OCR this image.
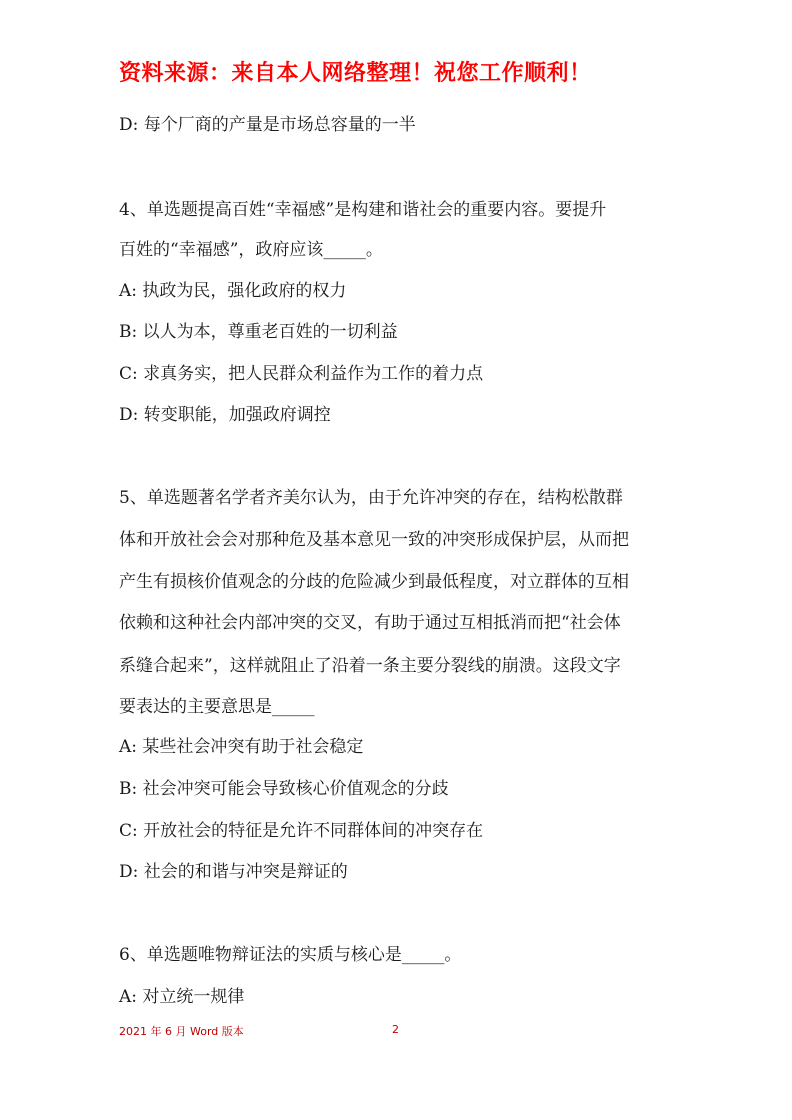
资料来源：来自本人网络整理！祝您工作顺利！
D: 每个厂商的产量是市场总容量的一半
4、单选题提高百姓“幸福感”是构建和谐社会的重要内容。要提升
百姓的“幸福感”，政府应该_____。
A: 执政为民，强化政府的权力
B: 以人为本，尊重老百姓的一切利益
C: 求真务实，把人民群众利益作为工作的着力点
D: 转变职能，加强政府调控
5、单选题著名学者齐美尔认为，由于允许冲突的存在，结构松散群
体和开放社会会对那种危及基本意见一致的冲突形成保护层，从而把
产生有损核价值观念的分歧的危险减少到最低程度，对立群体的互相
依赖和这种社会内部冲突的交叉，有助于通过互相抵消而把“社会体
系缝合起来”，这样就阻止了沿着一条主要分裂线的崩溃。这段文字
要表达的主要意思是_____
A: 某些社会冲突有助于社会稳定
B: 社会冲突可能会导致核心价值观念的分歧
C: 开放社会的特征是允许不同群体间的冲突存在
D: 社会的和谐与冲突是辩证的
6、单选题唯物辩证法的实质与核心是_____。
A: 对立统一规律
2021 年 6 月 Word 版本	2
